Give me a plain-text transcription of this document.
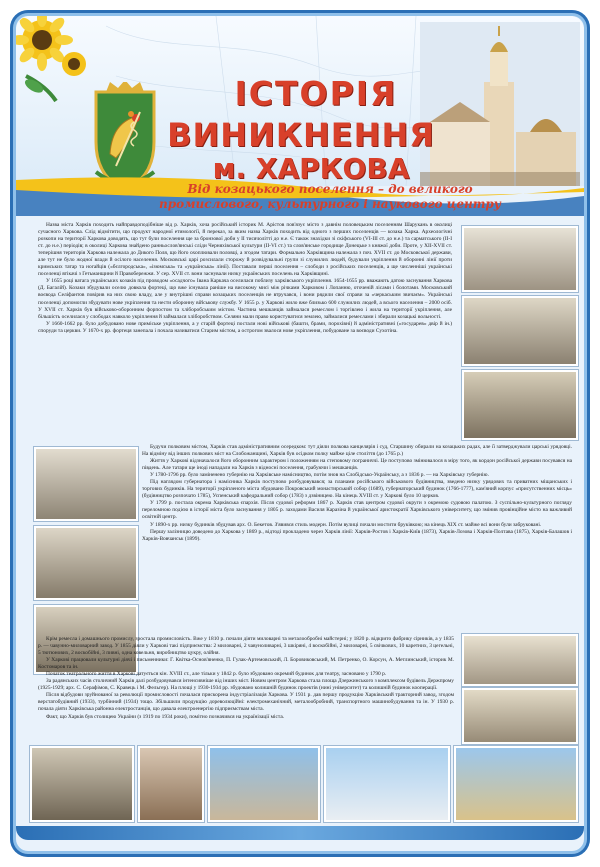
ІСТОРІЯ
ВИНИКНЕННЯ
м. ХАРКОВА
Від козацького поселення – до великого промислового, культурного і наукового центру

Назва міста Харків походить найправдоподібніше від р. Харків, хоча російський історик М. Арістов пов'язує місто з давнім половецьким поселенням Шарукань в околиці сучасного Харкова. Слід відмітити, що продукт народної етимології, й переказ, за яким назва Харків походить від одного з перших поселенців — козака Харка. Археологічні розкопи на території Харкова доводять, що тут були поселення ще за бронзової доби у II тисячолітті до н.е. Є також знахідки зі скіфського (VI-III ст. до н.е.) та сарматського (II-I ст. до н.е.) періодів; в околиці Харкова знайдено ранньослов'янські сліди Черняхівської культури (II-VI ст.) та слов'янське городище Донецьке з княжої доби. Проте, у XII-XVII ст. теперішня територія Харкова належала до Дикого Поля, що його охоплювали половці, а згодом татари. Формально Харківщина належала з поч. XVII ст. до Московської держави, але тут не було жодної влади й осілого населення. Московські царі розсилали сторожу й розвідувальні групи зі служилих людей, будували укріплення й оборонні лінії проти кримських татар та ногайців («бєлгородська», «ізюмська» та «українська» лінії). Поставали перші поселення – слободи з російських поселенців, а ще численніші українські поселенці втікачі з Гетьманщини й Правобережжя. У сер. XVII ст. вони заснували низку українських поселень на Харківщині.

У 1655 році ватага українських козаків під проводом «осадчого» Івана Каркача оселилася поблизу харківського укріплення. 1654-1655 рр. вважають датою заснування Харкова (Д. Багалій). Козаки збудували оселю довкола фортеці, що вже існувала раніше на високому мисі між річками Харковом і Лопанню, оточеній лісами і болотами. Московський воєвода Селіфантов повірив на них свою владу, але у внутрішні справи козацьких поселенців не втручався, і вони рядили свої справи за «черкаським звичаєм». Українські поселенці допомогли збудувати нове укріплення та нести оборонну військову службу. У 1655 р. у Харкові жило вже близько 600 служилих людей, а всього населення – 2000 осіб. У XVII ст. Харків був військово-оборонним форпостом та хліборобським містом. Частина мешканців займалася ремеслом і торгівлею і жила на території укріплення, але більшість оселилася у слободах навколо укріплення й займалася хліборобством. Селяни мали право користуватися землею, займалися ремеслами і збирали козацькі вольності.

У 1660-1662 рр. було добудовано нове приміське укріплення, а у старій фортеці постали нові військові (башти, брами, порохівні) й адміністративні («государев» двір й ін.) споруди та церкви. У 1670-х рр. фортеця занепала і почала називатися Старим містом, а острогом звалося нове укріплення, побудоване за воєводи Сухотіна.

Будучи полковим містом, Харків став адміністративним осередком: тут діяли полкова канцелярія і суд, Старшину обирали на козацьких радах, але її затверджували царські урядовці. На відміну від інших полкових міст на Слобожанщині, Харків був осідком полку майже ціле століття (до 1765 р.)

Життя у Харкові відзначалося його оборонним характером і положенням на степовому пограниччі. Це поступово змінювалося в міру того, як кордон російської держави посувався на південь. Але татари ще іноді нападали на Харків з відносні поселення, грабуючи і мешканців.

У 1780-1796 рр. було заміненено губернію на Харківське намісництво, потім знов на Слобідсько-Українську, а з 1836 р. — на Харківську губернію.

Під наглядом губернатора і намісника Харків поступово розбудовувався; за планами російського військового будівництва, зведено низку урядових та приватних міщанських і торгових будинків. На території укріпленого міста збудовано Покровський монастирський собор (1689), губернаторський будинок (1766-1777), кам'яний корпус «присутственних місць» (будівництво розпочато 1785), Успенський кафедральний собор (1783) з дзвіницею. На кінець XVIII ст. у Харкові було 10 церков.

У 1799 р. постала окрема Харківська єпархія. Після судової реформи 1867 р. Харків став центром судової округи з окремою судовою палатою. З суспільно-культурного погляду переломною подією в історії міста було заснування у 1805 р. заходами Василя Каразіна й української аристократії Харківського університету, що змінив провінційне місто на важливий освітній центр.

У 1890-х рр. низку будинків збудував арх. О. Бекетов. З'явився стиль модерн. Потім вулиці почали мостити бруківкою; на кінець XIX ст. майже всі вони були забруковані.

Першу залізницю доведено до Харкова у 1869 р., відтоді прокладено через Харків лінії: Харків-Ростов і Харків-Київ (1873), Харків-Лозова і Харків-Полтава (1875), Харків-Балашов і Харків-Вовчанськ (1899).

Крім ремесла і домашнього промислу, зростала промисловість. Вже у 1810 р. почали діяти миловарні та металообробні майстерні; у 1820 р. відкрито фабрику сірників, а у 1835 р. — чавунно-миловарний завод. У 1855 діяли у Харкові такі підприємства: 2 миловарні, 2 чавуноливарні, 3 шкіряні, 4 воскобійні, 2 миловарні, 5 свічкових, 10 каретних, 3 цегельні, 5 тютюнових, 2 воскобійні, 3 пивні, одна ковельня, виробництво цукру, олійня.

У Харкові працювали культурні діячі і письменники: Г. Квітка-Основ'яненко, П. Гулак-Артемовський, Л. Боровиковський, М. Петренко, О. Корсун, А. Метлинський, історик М. Костомаров та ін.

Початок театрального життя в Харкові датується кін. XVIII ст., але тільки у 1842 р. було збудовано окремий будинок для театру, засновано у 1790 р.

За радянських часів столичний Харків далі розбудовувався інтенсивніше від інших міст. Новим центром Харкова стала площа Дзержинського з комплексом будівель Держпрому (1925-1929; арх. С. Серафімов, С. Кравець і М. Фельгер). На площі у 1930-1934 рр. збудовано колишній будинок проектів (нині університет) та колишній будинок кооперації.

Після відбудови зруйнованої за революції промисловості почалася прискорена індустріалізація Харкова. У 1931 р. дав першу продукцію Харківський тракторний завод, згодом верстатобудівний (1933), турбінний (1934) тощо. Збільшили продукцію дореволюційні: електромеханічний, металообробний, транспортного машинобудування та ін. У 1930 р. почала діяти Харківська районна електростанція, що давала електроенергію підприємствам міста.

Факт, що Харків був столицею України (з 1919 по 1934 роки), помітно позначився на українізації міста.
